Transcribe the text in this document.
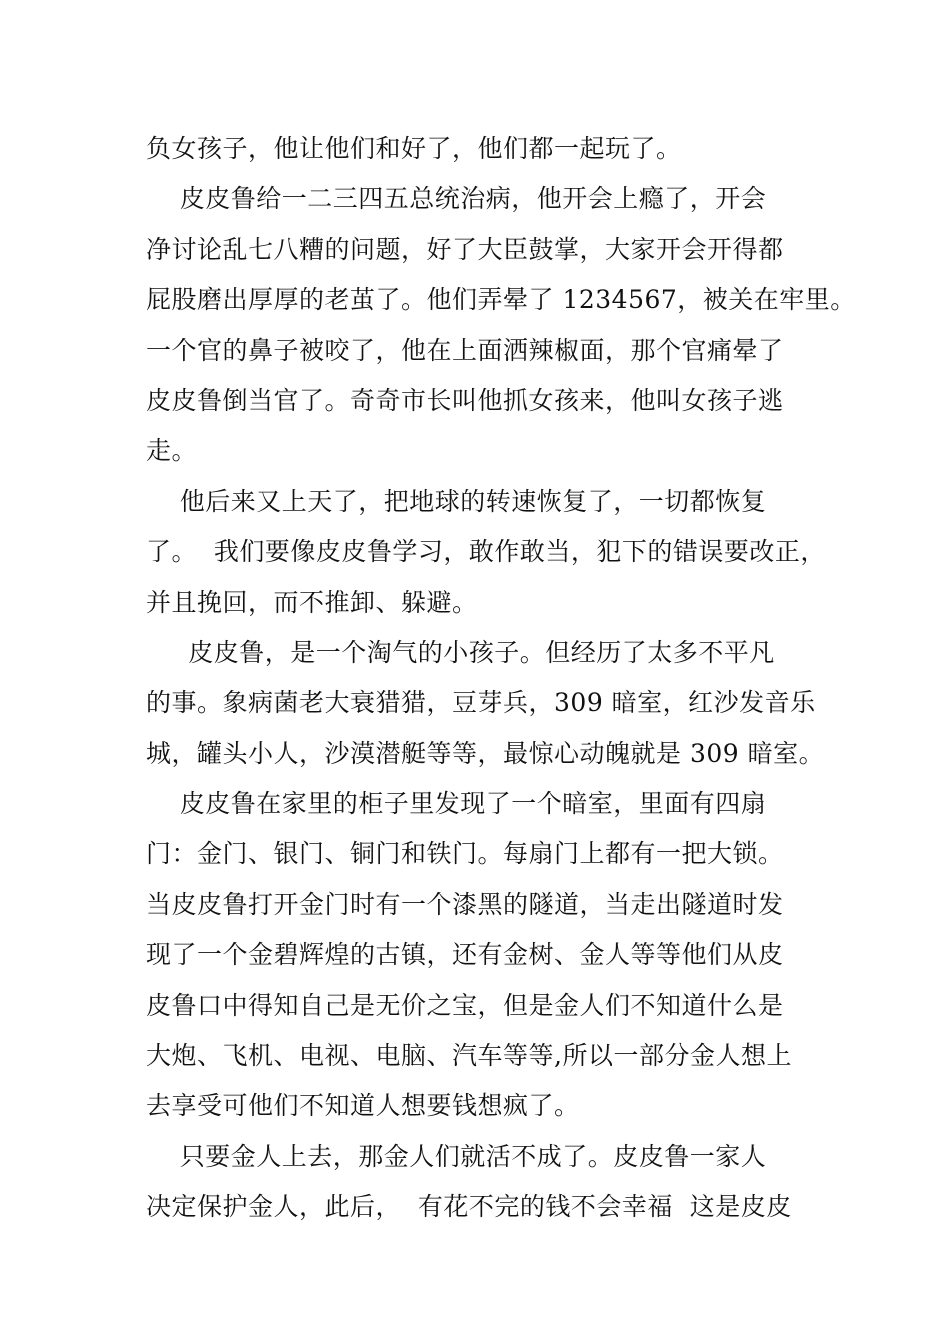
负女孩子，他让他们和好了，他们都一起玩了。
皮皮鲁给一二三四五总统治病，他开会上瘾了，开会
净讨论乱七八糟的问题，好了大臣鼓掌，大家开会开得都
屁股磨出厚厚的老茧了。他们弄晕了 1234567，被关在牢里。
一个官的鼻子被咬了，他在上面洒辣椒面，那个官痛晕了
皮皮鲁倒当官了。奇奇市长叫他抓女孩来，他叫女孩子逃
走。
他后来又上天了，把地球的转速恢复了，一切都恢复
了。  我们要像皮皮鲁学习，敢作敢当，犯下的错误要改正，
并且挽回，而不推卸、躲避。
皮皮鲁，是一个淘气的小孩子。但经历了太多不平凡
的事。象病菌老大衰猎猎，豆芽兵，309 暗室，红沙发音乐
城，罐头小人，沙漠潜艇等等，最惊心动魄就是 309 暗室。
皮皮鲁在家里的柜子里发现了一个暗室，里面有四扇
门：金门、银门、铜门和铁门。每扇门上都有一把大锁。
当皮皮鲁打开金门时有一个漆黑的隧道，当走出隧道时发
现了一个金碧辉煌的古镇，还有金树、金人等等他们从皮
皮鲁口中得知自己是无价之宝，但是金人们不知道什么是
大炮、飞机、电视、电脑、汽车等等,所以一部分金人想上
去享受可他们不知道人想要钱想疯了。
只要金人上去，那金人们就活不成了。皮皮鲁一家人
决定保护金人，此后，  有花不完的钱不会幸福  这是皮皮
